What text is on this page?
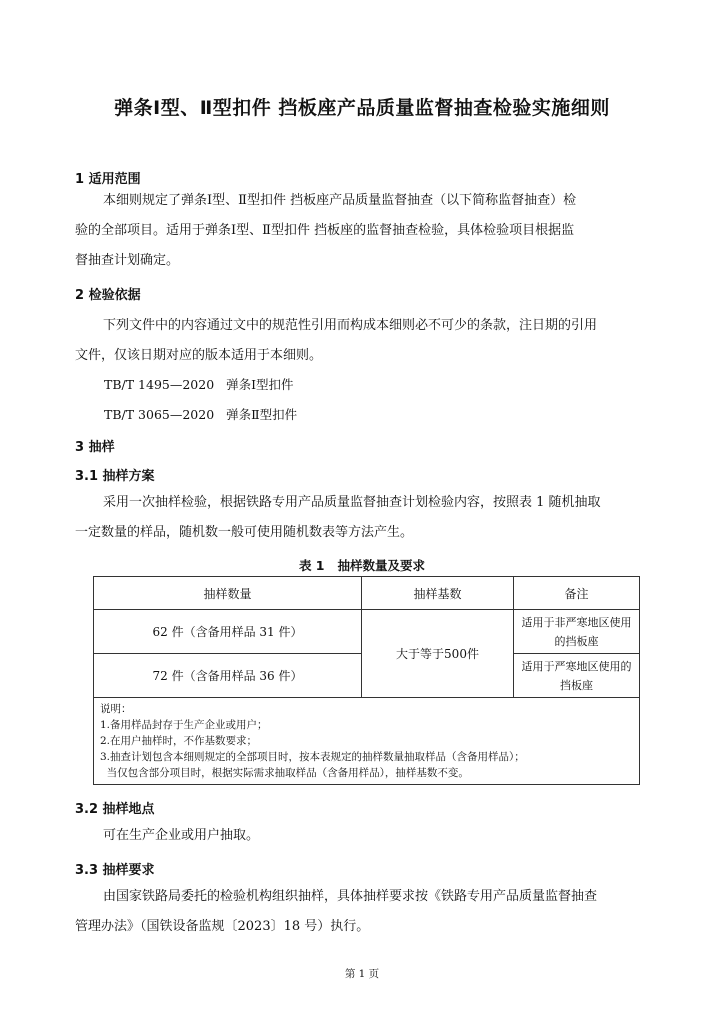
弹条Ⅰ型、Ⅱ型扣件 挡板座产品质量监督抽查检验实施细则
1 适用范围
本细则规定了弹条Ⅰ型、Ⅱ型扣件 挡板座产品质量监督抽查（以下简称监督抽查）检
验的全部项目。适用于弹条Ⅰ型、Ⅱ型扣件 挡板座的监督抽查检验，具体检验项目根据监
督抽查计划确定。
2 检验依据
下列文件中的内容通过文中的规范性引用而构成本细则必不可少的条款，注日期的引用
文件，仅该日期对应的版本适用于本细则。
TB/T 1495—2020   弹条Ⅰ型扣件
TB/T 3065—2020   弹条Ⅱ型扣件
3 抽样
3.1 抽样方案
采用一次抽样检验，根据铁路专用产品质量监督抽查计划检验内容，按照表 1 随机抽取
一定数量的样品，随机数一般可使用随机数表等方法产生。
表 1   抽样数量及要求
抽样数量	抽样基数	备注
62 件（含备用样品 31 件）	大于等于500件	适用于非严寒地区使用的挡板座
72 件（含备用样品 36 件）		适用于严寒地区使用的挡板座

说明：
1.备用样品封存于生产企业或用户；
2.在用户抽样时，不作基数要求；
3.抽查计划包含本细则规定的全部项目时，按本表规定的抽样数量抽取样品（含备用样品）；
当仅包含部分项目时，根据实际需求抽取样品（含备用样品），抽样基数不变。		
3.2 抽样地点
可在生产企业或用户抽取。
3.3 抽样要求
由国家铁路局委托的检验机构组织抽样，具体抽样要求按《铁路专用产品质量监督抽查
管理办法》（国铁设备监规〔2023〕18 号）执行。
第 1 页
